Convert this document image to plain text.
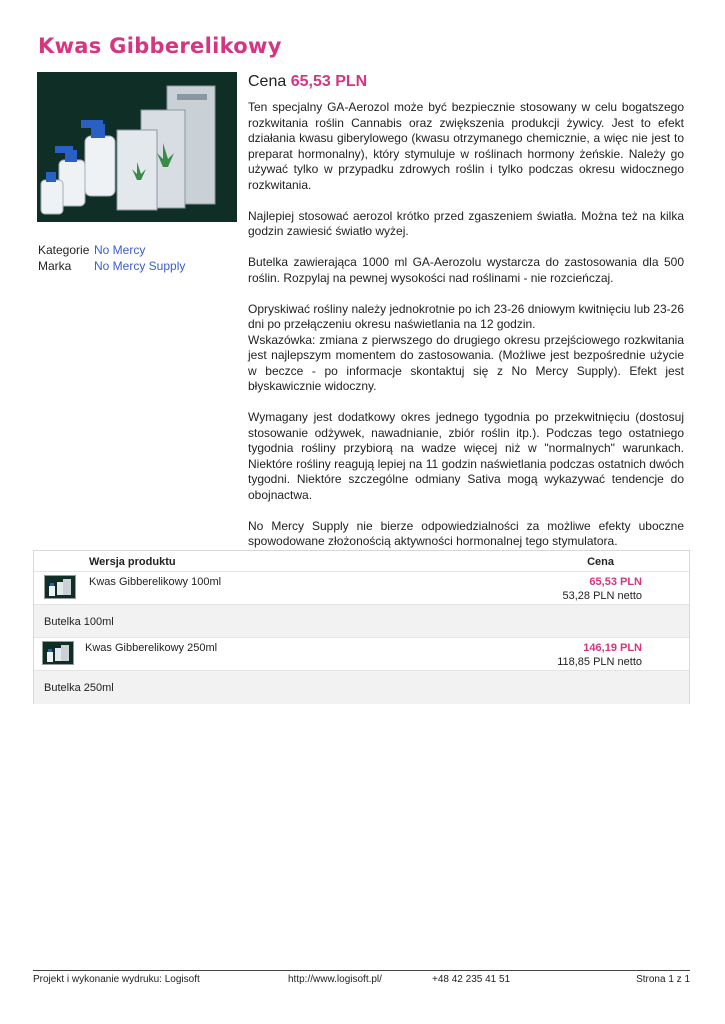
Kwas Gibberelikowy
Kategorie No Mercy
Marka	No Mercy Supply
Cena 65,53 PLN

Ten specjalny GA-Aerozol może być bezpiecznie stosowany w celu bogatszego rozkwitania roślin Cannabis oraz zwiększenia produkcji żywicy. Jest to efekt działania kwasu giberylowego (kwasu otrzymanego chemicznie, a więc nie jest to preparat hormonalny), który stymuluje w roślinach hormony żeńskie. Należy go używać tylko w przypadku zdrowych roślin i tylko podczas okresu widocznego rozkwitania.

Najlepiej stosować aerozol krótko przed zgaszeniem światła. Można też na kilka godzin zawiesić światło wyżej.

Butelka zawierająca 1000 ml GA-Aerozolu wystarcza do zastosowania dla 500 roślin. Rozpylaj na pewnej wysokości nad roślinami - nie rozcieńczaj.

Opryskiwać rośliny należy jednokrotnie po ich 23-26 dniowym kwitnięciu lub 23-26 dni po przełączeniu okresu naświetlania na 12 godzin.
Wskazówka: zmiana z pierwszego do drugiego okresu przejściowego rozkwitania jest najlepszym momentem do zastosowania. (Możliwe jest bezpośrednie użycie w beczce - po informacje skontaktuj się z No Mercy Supply). Efekt jest błyskawicznie widoczny.

Wymagany jest dodatkowy okres jednego tygodnia po przekwitnięciu (dostosuj stosowanie odżywek, nawadnianie, zbiór roślin itp.). Podczas tego ostatniego tygodnia rośliny przybiorą na wadze więcej niż w "normalnych" warunkach. Niektóre rośliny reagują lepiej na 11 godzin naświetlania podczas ostatnich dwóch tygodni. Niektóre szczególne odmiany Sativa mogą wykazywać tendencje do obojnactwa.

No Mercy Supply nie bierze odpowiedzialności za możliwe efekty uboczne spowodowane złożonością aktywności hormonalnej tego stymulatora.

Wersja produktu	Cena
Kwas Gibberelikowy 100ml	65,53 PLN
53,28 PLN netto
Butelka 100ml
Kwas Gibberelikowy 250ml	146,19 PLN
118,85 PLN netto
Butelka 250ml
Projekt i wykonanie wydruku: Logisoft	http://www.logisoft.pl/	+48 42 235 41 51	Strona 1 z 1
